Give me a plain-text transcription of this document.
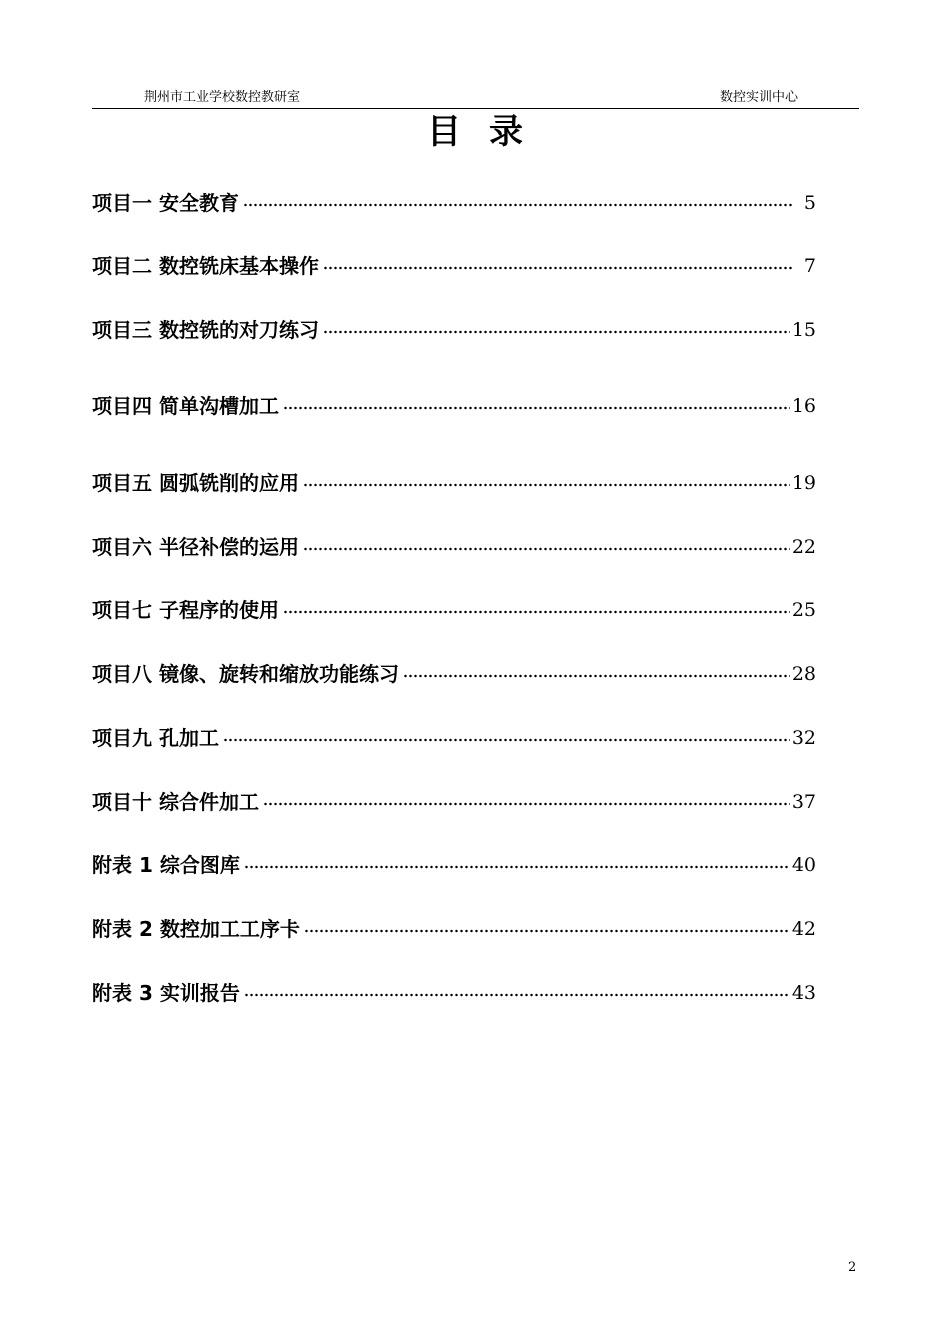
荆州市工业学校数控教研室	数控实训中心
目录
项目一 安全教育	5
项目二 数控铣床基本操作	7
项目三 数控铣的对刀练习	15
项目四 简单沟槽加工	16
项目五 圆弧铣削的应用	19
项目六 半径补偿的运用	22
项目七 子程序的使用	25
项目八 镜像、旋转和缩放功能练习	28
项目九 孔加工	32
项目十 综合件加工	37
附表 1 综合图库	40
附表 2 数控加工工序卡	42
附表 3 实训报告	43
2
